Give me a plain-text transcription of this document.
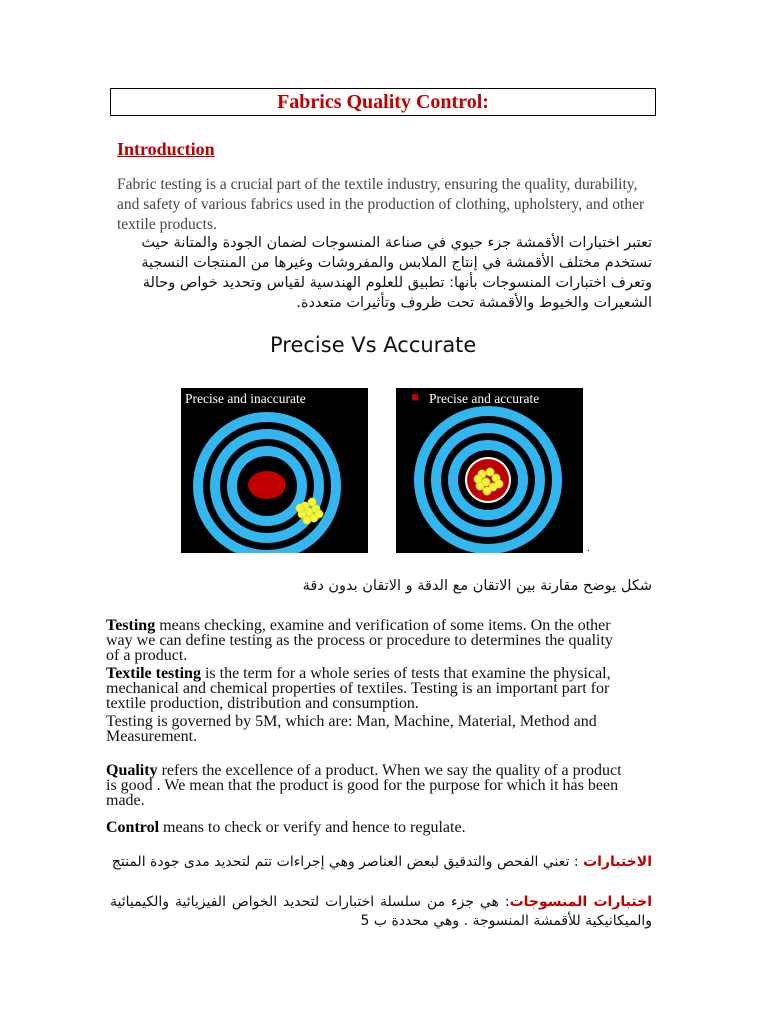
Fabrics Quality Control:
Introduction
Fabric testing is a crucial part of the textile industry, ensuring the quality, durability, and safety of various fabrics used in the production of clothing, upholstery, and other textile products.
تعتبر اختبارات الأقمشة جزء حيوي في صناعة المنسوجات لضمان الجودة والمتانة حيث تستخدم مختلف الأقمشة في إنتاج الملابس والمفروشات وغيرها من المنتجات النسجية وتعرف اختبارات المنسوجات بأنها: تطبيق للعلوم الهندسية لقياس وتحديد خواص وحالة الشعيرات والخيوط والأقمشة تحت ظروف وتأثيرات متعددة.
Precise Vs Accurate
Precise and inaccurate	Precise and accurate
.
شكل يوضح مقارنة بين الاتقان مع الدقة و الاتقان بدون دقة
Testing means checking, examine and verification of some items. On the other way we can define testing as the process or procedure to determines the quality of a product.
Textile testing is the term for a whole series of tests that examine the physical, mechanical and chemical properties of textiles. Testing is an important part for textile production, distribution and consumption.
Testing is governed by 5M, which are: Man, Machine, Material, Method and Measurement.
Quality refers the excellence of a product. When we say the quality of a product is good . We mean that the product is good for the purpose for which it has been made.
Control means to check or verify and hence to regulate.
الاختبارات : تعني الفحص والتدقيق لبعض العناصر وهي إجراءات تتم لتحديد مدى جودة المنتج
اختبارات المنسوجات: هي جزء من سلسلة اختبارات لتحديد الخواص الفيزيائية والكيميائية والميكانيكية للأقمشة المنسوجة . وهي محددة ب 5
